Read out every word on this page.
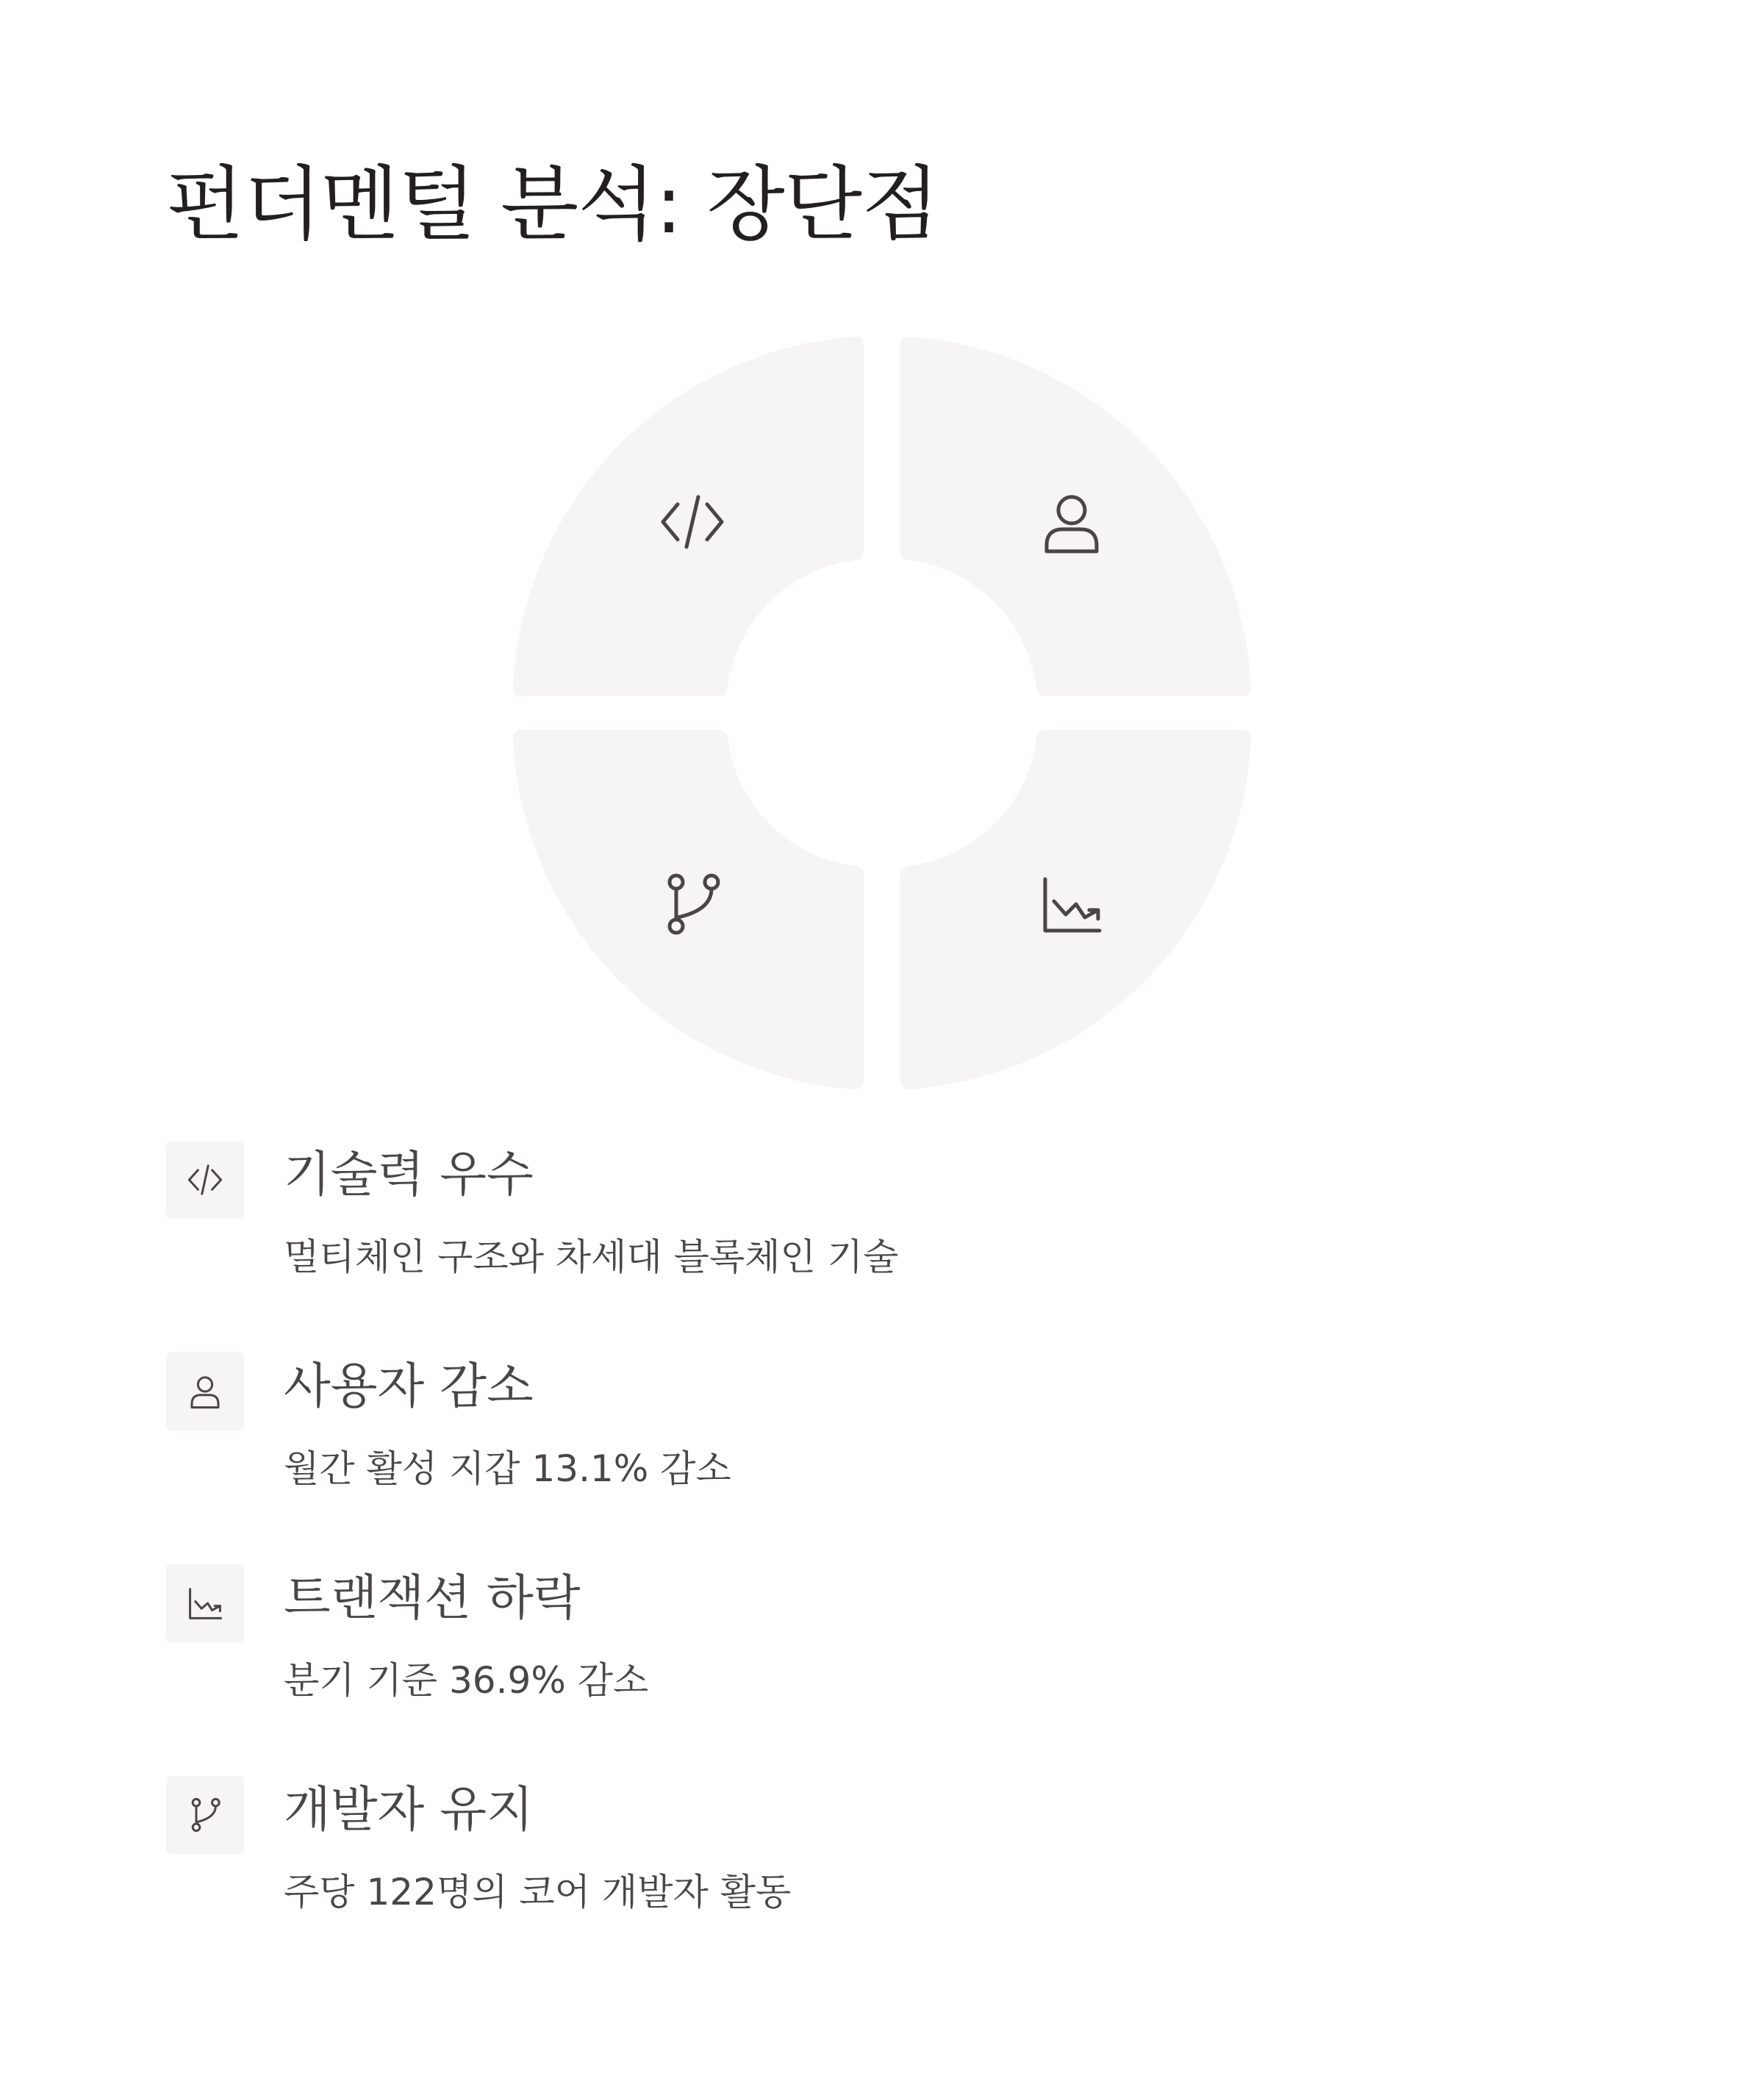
펀더멘털 분석: 장단점
기술력 우수
멀티체인 구조와 차세대 블록체인 기술
사용자 감소
월간 활성 지갑 13.1% 감소
트랜잭션 하락
분기 기준 36.9% 감소
개발자 유지
주당 122명의 코어 개발자 활동
